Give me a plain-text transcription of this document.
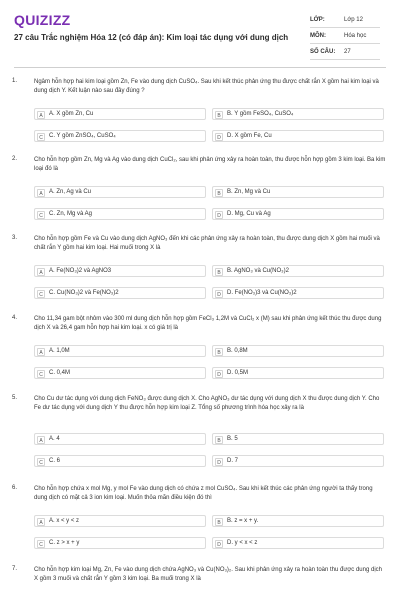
QUIZIZZ
27 câu Trắc nghiệm Hóa 12 (có đáp án): Kim loại tác dụng với dung dịch
LỚP:	Lớp 12
MÔN:	Hóa học
SỐ CÂU:	27
1.	Ngâm hỗn hợp hai kim loại gồm Zn, Fe vào dung dịch CuSO₄. Sau khi kết thúc phản ứng thu được chất rắn X gồm hai kim loại và dung dịch Y. Kết luận nào sau đây đúng ?
A	A. X gồm Zn, Cu	B	B. Y gồm FeSO₄, CuSO₄
C	C. Y gồm ZnSO₄, CuSO₄	D	D. X gồm Fe, Cu
2.	Cho hỗn hợp gồm Zn, Mg và Ag vào dung dịch CuCl₂, sau khi phản ứng xảy ra hoàn toàn, thu được hỗn hợp gồm 3 kim loại. Ba kim loại đó là
A	A. Zn, Ag và Cu	B	B. Zn, Mg và Cu
C	C. Zn, Mg và Ag	D	D. Mg, Cu và Ag
3.	Cho hỗn hợp gồm Fe và Cu vào dung dịch AgNO₃ đến khi các phản ứng xảy ra hoàn toàn, thu được dung dịch X gồm hai muối và chất rắn Y gồm hai kim loại. Hai muối trong X là
A	A. Fe(NO₃)2 và AgNO3	B	B. AgNO₃ và Cu(NO₃)2
C	C. Cu(NO₃)2 và Fe(NO₃)2	D	D. Fe(NO₃)3 và Cu(NO₃)2
4.	Cho 11,34 gam bột nhôm vào 300 ml dung dịch hỗn hợp gồm FeCl₃ 1,2M và CuCl₂ x (M) sau khi phản ứng kết thúc thu được dung dịch X và 26,4 gam hỗn hợp hai kim loại. x có giá trị là
A	A. 1,0M	B	B. 0,8M
C	C. 0,4M	D	D. 0,5M
5.	Cho Cu dư tác dụng với dung dịch FeNO₃ được dung dịch X. Cho AgNO₃ dư tác dụng với dung dịch X thu được dung dịch Y. Cho Fe dư tác dụng với dung dịch Y thu được hỗn hợp kim loại Z. Tổng số phương trình hóa học xảy ra là
A	A. 4	B	B. 5
C	C. 6	D	D. 7
6.	Cho hỗn hợp chứa x mol Mg, y mol Fe vào dung dịch có chứa z mol CuSO₄. Sau khi kết thúc các phản ứng người ta thấy trong dung dịch có mặt cả 3 ion kim loại. Muốn thỏa mãn điều kiện đó thì
A	A. x < y < z	B	B. z = x + y.
C	C. z > x + y	D	D. y < x < z
7.	Cho hỗn hợp kim loại Mg, Zn, Fe vào dung dịch chứa AgNO₃ và Cu(NO₃)₂. Sau khi phản ứng xảy ra hoàn toàn thu được dung dịch X gồm 3 muối và chất rắn Y gồm 3 kim loại. Ba muối trong X là
